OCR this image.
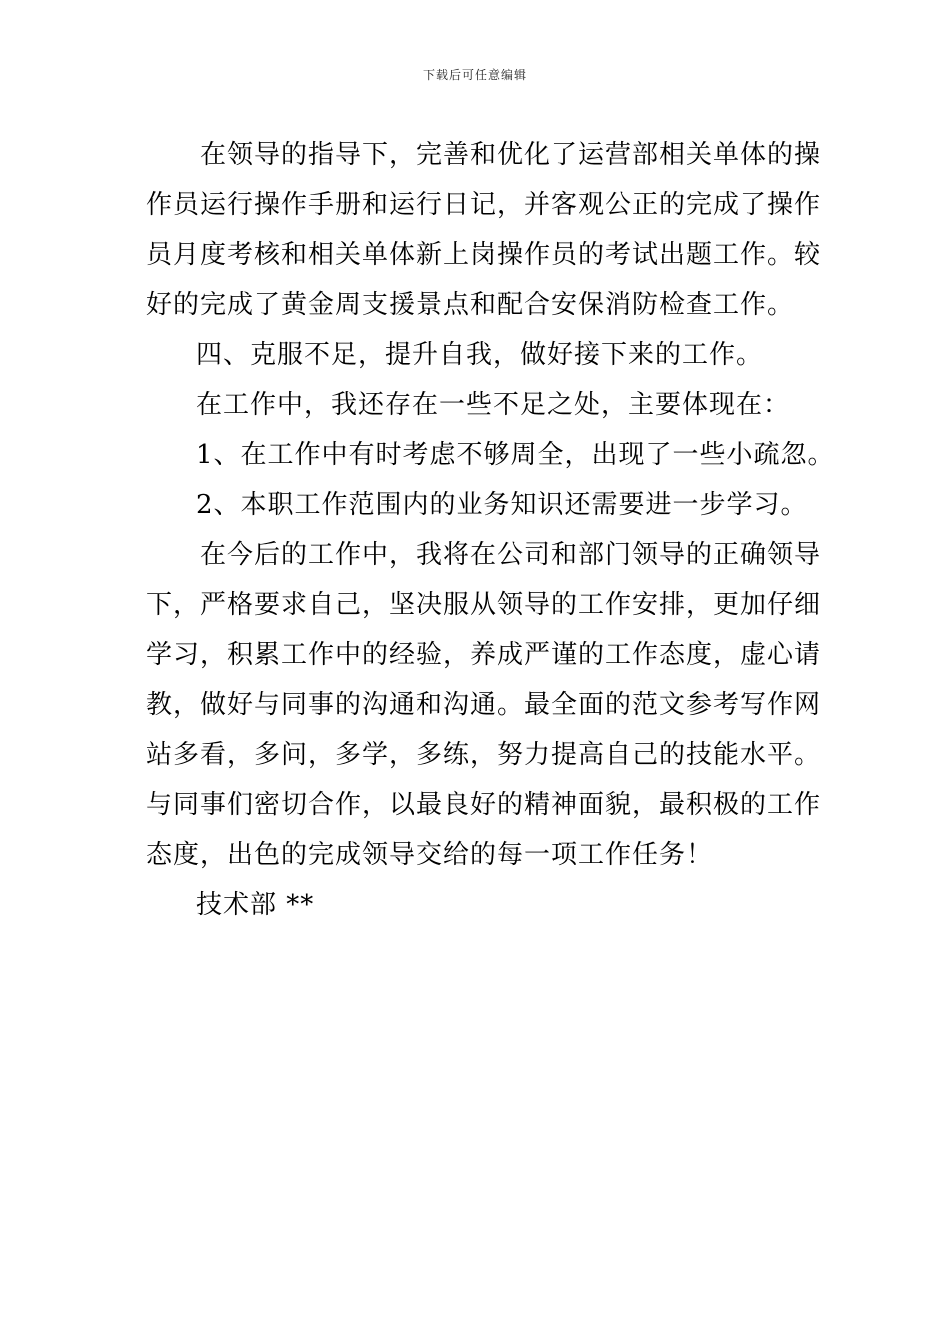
下载后可任意编辑
在领导的指导下，完善和优化了运营部相关单体的操
作员运行操作手册和运行日记，并客观公正的完成了操作
员月度考核和相关单体新上岗操作员的考试出题工作。较
好的完成了黄金周支援景点和配合安保消防检查工作。
四、克服不足，提升自我，做好接下来的工作。
在工作中，我还存在一些不足之处，主要体现在：
1、在工作中有时考虑不够周全，出现了一些小疏忽。
2、本职工作范围内的业务知识还需要进一步学习。
在今后的工作中，我将在公司和部门领导的正确领导
下，严格要求自己，坚决服从领导的工作安排，更加仔细
学习，积累工作中的经验，养成严谨的工作态度，虚心请
教，做好与同事的沟通和沟通。最全面的范文参考写作网
站多看，多问，多学，多练，努力提高自己的技能水平。
与同事们密切合作，以最良好的精神面貌，最积极的工作
态度，出色的完成领导交给的每一项工作任务！
技术部 **
